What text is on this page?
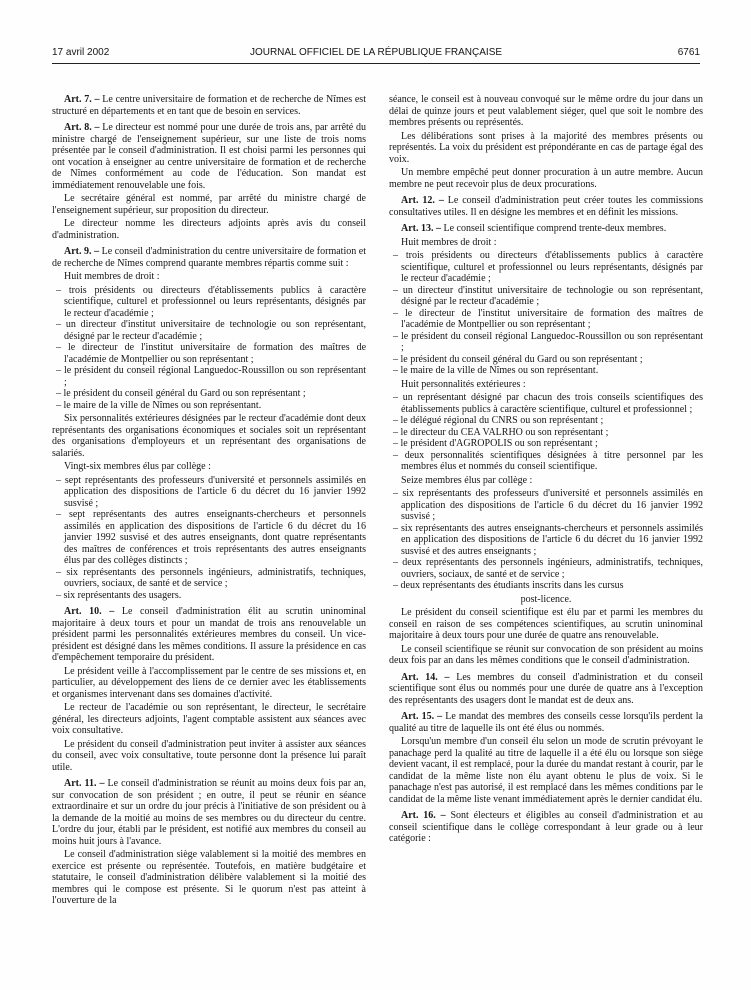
17 avril 2002	JOURNAL OFFICIEL DE LA RÉPUBLIQUE FRANÇAISE	6761

Art. 7. – Le centre universitaire de formation et de recherche de Nîmes est structuré en départements et en tant que de besoin en services.

Art. 8. – Le directeur est nommé pour une durée de trois ans, par arrêté du ministre chargé de l'enseignement supérieur, sur une liste de trois noms présentée par le conseil d'administration. Il est choisi parmi les personnes qui ont vocation à enseigner au centre universitaire de formation et de recherche de Nîmes conformément au code de l'éducation. Son mandat est immédiatement renouvelable une fois.

Le secrétaire général est nommé, par arrêté du ministre chargé de l'enseignement supérieur, sur proposition du directeur.

Le directeur nomme les directeurs adjoints après avis du conseil d'administration.

Art. 9. – Le conseil d'administration du centre universitaire de formation et de recherche de Nîmes comprend quarante membres répartis comme suit :

Huit membres de droit :

– trois présidents ou directeurs d'établissements publics à caractère scientifique, culturel et professionnel ou leurs représentants, désignés par le recteur d'académie ;
– un directeur d'institut universitaire de technologie ou son représentant, désigné par le recteur d'académie ;
– le directeur de l'institut universitaire de formation des maîtres de l'académie de Montpellier ou son représentant ;
– le président du conseil régional Languedoc-Roussillon ou son représentant ;
– le président du conseil général du Gard ou son représentant ;
– le maire de la ville de Nîmes ou son représentant.

Six personnalités extérieures désignées par le recteur d'académie dont deux représentants des organisations économiques et sociales soit un représentant des organisations d'employeurs et un représentant des organisations de salariés.

Vingt-six membres élus par collège :

– sept représentants des professeurs d'université et personnels assimilés en application des dispositions de l'article 6 du décret du 16 janvier 1992 susvisé ;
– sept représentants des autres enseignants-chercheurs et personnels assimilés en application des dispositions de l'article 6 du décret du 16 janvier 1992 susvisé et des autres enseignants, dont quatre représentants des maîtres de conférences et trois représentants des autres enseignants élus par des collèges distincts ;
– six représentants des personnels ingénieurs, administratifs, techniques, ouvriers, sociaux, de santé et de service ;
– six représentants des usagers.

Art. 10. – Le conseil d'administration élit au scrutin uninominal majoritaire à deux tours et pour un mandat de trois ans renouvelable un président parmi les personnalités extérieures membres du conseil. Un vice-président est désigné dans les mêmes conditions. Il assure la présidence en cas d'empêchement temporaire du président.

Le président veille à l'accomplissement par le centre de ses missions et, en particulier, au développement des liens de ce dernier avec les établissements et organismes intervenant dans ses domaines d'activité.

Le recteur de l'académie ou son représentant, le directeur, le secrétaire général, les directeurs adjoints, l'agent comptable assistent aux séances avec voix consultative.

Le président du conseil d'administration peut inviter à assister aux séances du conseil, avec voix consultative, toute personne dont la présence lui paraît utile.

Art. 11. – Le conseil d'administration se réunit au moins deux fois par an, sur convocation de son président ; en outre, il peut se réunir en séance extraordinaire et sur un ordre du jour précis à l'initiative de son président ou à la demande de la moitié au moins de ses membres ou du directeur du centre. L'ordre du jour, établi par le président, est notifié aux membres du conseil au moins huit jours à l'avance.

Le conseil d'administration siège valablement si la moitié des membres en exercice est présente ou représentée. Toutefois, en matière budgétaire et statutaire, le conseil d'administration délibère valablement si la moitié des membres qui le compose est présente. Si le quorum n'est pas atteint à l'ouverture de la

séance, le conseil est à nouveau convoqué sur le même ordre du jour dans un délai de quinze jours et peut valablement siéger, quel que soit le nombre des membres présents ou représentés.

Les délibérations sont prises à la majorité des membres présents ou représentés. La voix du président est prépondérante en cas de partage égal des voix.

Un membre empêché peut donner procuration à un autre membre. Aucun membre ne peut recevoir plus de deux procurations.

Art. 12. – Le conseil d'administration peut créer toutes les commissions consultatives utiles. Il en désigne les membres et en définit les missions.

Art. 13. – Le conseil scientifique comprend trente-deux membres.

Huit membres de droit :

– trois présidents ou directeurs d'établissements publics à caractère scientifique, culturel et professionnel ou leurs représentants, désignés par le recteur d'académie ;
– un directeur d'institut universitaire de technologie ou son représentant, désigné par le recteur d'académie ;
– le directeur de l'institut universitaire de formation des maîtres de l'académie de Montpellier ou son représentant ;
– le président du conseil régional Languedoc-Roussillon ou son représentant ;
– le président du conseil général du Gard ou son représentant ;
– le maire de la ville de Nîmes ou son représentant.

Huit personnalités extérieures :

– un représentant désigné par chacun des trois conseils scientifiques des établissements publics à caractère scientifique, culturel et professionnel ;
– le délégué régional du CNRS ou son représentant ;
– le directeur du CEA VALRHO ou son représentant ;
– le président d'AGROPOLIS ou son représentant ;
– deux personnalités scientifiques désignées à titre personnel par les membres élus et nommés du conseil scientifique.

Seize membres élus par collège :

– six représentants des professeurs d'université et personnels assimilés en application des dispositions de l'article 6 du décret du 16 janvier 1992 susvisé ;
– six représentants des autres enseignants-chercheurs et personnels assimilés en application des dispositions de l'article 6 du décret du 16 janvier 1992 susvisé et des autres enseignants ;
– deux représentants des personnels ingénieurs, administratifs, techniques, ouvriers, sociaux, de santé et de service ;
– deux représentants des étudiants inscrits dans les cursus

post-licence.

Le président du conseil scientifique est élu par et parmi les membres du conseil en raison de ses compétences scientifiques, au scrutin uninominal majoritaire à deux tours pour une durée de quatre ans renouvelable.

Le conseil scientifique se réunit sur convocation de son président au moins deux fois par an dans les mêmes conditions que le conseil d'administration.

Art. 14. – Les membres du conseil d'administration et du conseil scientifique sont élus ou nommés pour une durée de quatre ans à l'exception des représentants des usagers dont le mandat est de deux ans.

Art. 15. – Le mandat des membres des conseils cesse lorsqu'ils perdent la qualité au titre de laquelle ils ont été élus ou nommés.

Lorsqu'un membre d'un conseil élu selon un mode de scrutin prévoyant le panachage perd la qualité au titre de laquelle il a été élu ou lorsque son siège devient vacant, il est remplacé, pour la durée du mandat restant à courir, par le candidat de la même liste non élu ayant obtenu le plus de voix. Si le panachage n'est pas autorisé, il est remplacé dans les mêmes conditions par le candidat de la même liste venant immédiatement après le dernier candidat élu.

Art. 16. – Sont électeurs et éligibles au conseil d'administration et au conseil scientifique dans le collège correspondant à leur grade ou à leur catégorie :
